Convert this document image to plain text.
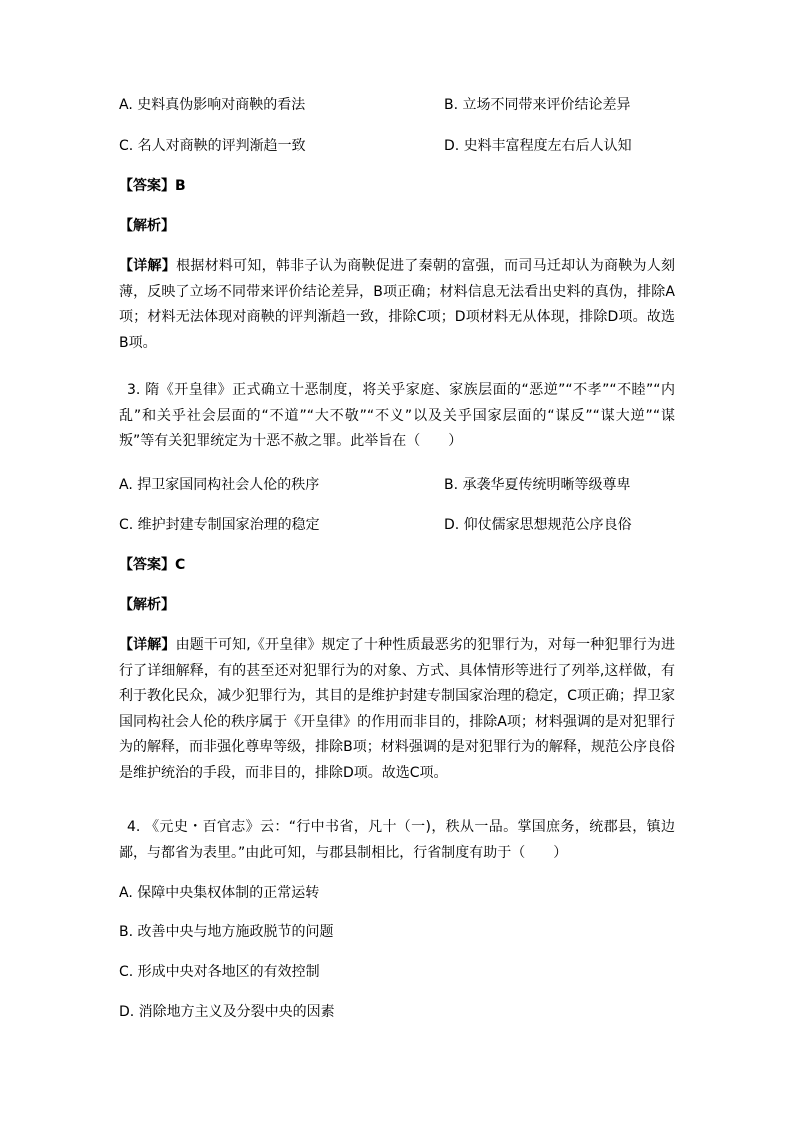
A. 史料真伪影响对商鞅的看法	B. 立场不同带来评价结论差异
C. 名人对商鞅的评判渐趋一致	D. 史料丰富程度左右后人认知
【答案】B
【解析】
【详解】根据材料可知，韩非子认为商鞅促进了秦朝的富强，而司马迁却认为商鞅为人刻薄，反映了立场不同带来评价结论差异，B项正确；材料信息无法看出史料的真伪，排除A项；材料无法体现对商鞅的评判渐趋一致，排除C项；D项材料无从体现，排除D项。故选B项。
3. 隋《开皇律》正式确立十恶制度，将关乎家庭、家族层面的“恶逆”“不孝”“不睦”“内乱”和关乎社会层面的“不道”“大不敬”“不义”以及关乎国家层面的“谋反”“谋大逆”“谋叛”等有关犯罪统定为十恶不赦之罪。此举旨在（　　）
A. 捍卫家国同构社会人伦的秩序	B. 承袭华夏传统明晰等级尊卑
C. 维护封建专制国家治理的稳定	D. 仰仗儒家思想规范公序良俗
【答案】C
【解析】
【详解】由题干可知,《开皇律》规定了十种性质最恶劣的犯罪行为，对每一种犯罪行为进行了详细解释，有的甚至还对犯罪行为的对象、方式、具体情形等进行了列举,这样做，有利于教化民众，减少犯罪行为，其目的是维护封建专制国家治理的稳定，C项正确；捍卫家国同构社会人伦的秩序属于《开皇律》的作用而非目的，排除A项；材料强调的是对犯罪行为的解释，而非强化尊卑等级，排除B项；材料强调的是对犯罪行为的解释，规范公序良俗是维护统治的手段，而非目的，排除D项。故选C项。
4. 《元史・百官志》云：“行中书省，凡十（一)，秩从一品。掌国庶务，统郡县，镇边鄙，与都省为表里。”由此可知，与郡县制相比，行省制度有助于（　　）
A. 保障中央集权体制的正常运转
B. 改善中央与地方施政脱节的问题
C. 形成中央对各地区的有效控制
D. 消除地方主义及分裂中央的因素
